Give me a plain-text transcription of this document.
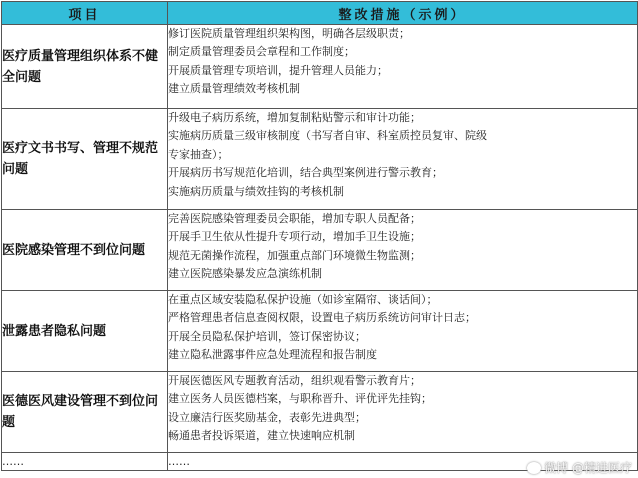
项目	整改措施（示例）
医疗质量管理组织体系不健全问题	修订医院质量管理组织架构图，明确各层级职责；
制定质量管理委员会章程和工作制度；
开展质量管理专项培训，提升管理人员能力；
建立质量管理绩效考核机制

医疗文书书写、管理不规范问题	升级电子病历系统，增加复制粘贴警示和审计功能；
实施病历质量三级审核制度（书写者自审、科室质控员复审、院级
专家抽查）；
开展病历书写规范化培训，结合典型案例进行警示教育；
实施病历质量与绩效挂钩的考核机制

医院感染管理不到位问题	完善医院感染管理委员会职能，增加专职人员配备；
开展手卫生依从性提升专项行动，增加手卫生设施；
规范无菌操作流程，加强重点部门环境微生物监测；
建立医院感染暴发应急演练机制

泄露患者隐私问题	在重点区域安装隐私保护设施（如诊室隔帘、谈话间）；
严格管理患者信息查阅权限，设置电子病历系统访问审计日志；
开展全员隐私保护培训，签订保密协议；
建立隐私泄露事件应急处理流程和报告制度

医德医风建设管理不到位问题	开展医德医风专题教育活动，组织观看警示教育片；
建立医务人员医德档案，与职称晋升、评优评先挂钩；
设立廉洁行医奖励基金，表彰先进典型；
畅通患者投诉渠道，建立快速响应机制

……	……	微博 @精进医疗
